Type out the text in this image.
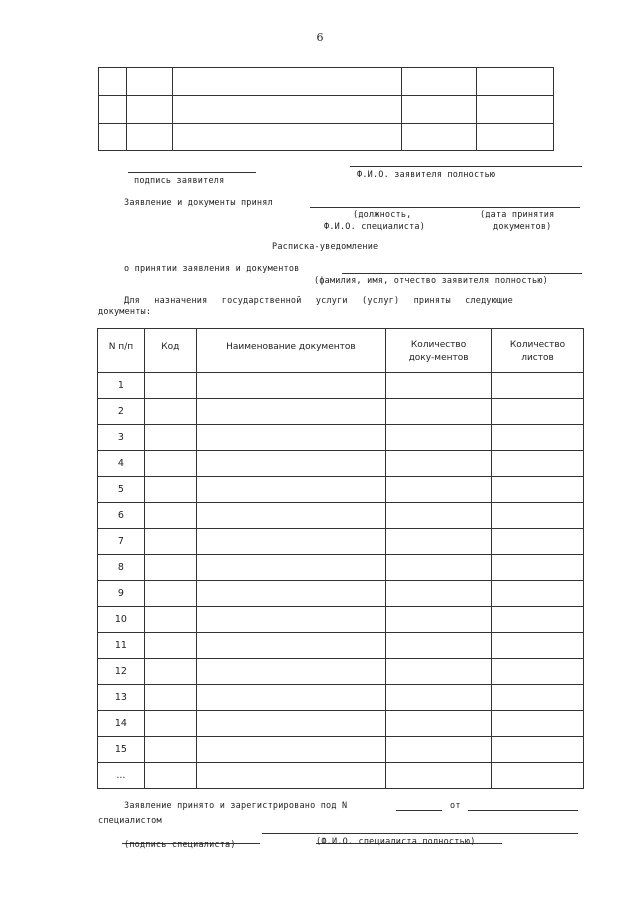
6

подпись заявителя
Ф.И.О. заявителя полностью
Заявление и документы принял
(должность,
Ф.И.О. специалиста)
(дата принятия
документов)
Расписка-уведомление
о принятии заявления и документов
(фамилия, имя, отчество заявителя полностью)
Для назначения государственной услуги (услуг) приняты следующие
документы:
N п/п	Код	Наименование документов	Количество доку-ментов	Количество листов
1				
2				
3				
4				
5				
6				
7				
8				
9				
10				
11				
12				
13				
14				
15				
...				
Заявление принято и зарегистрировано под N	от
специалистом
(подпись специалиста)	(Ф.И.О. специалиста полностью)
